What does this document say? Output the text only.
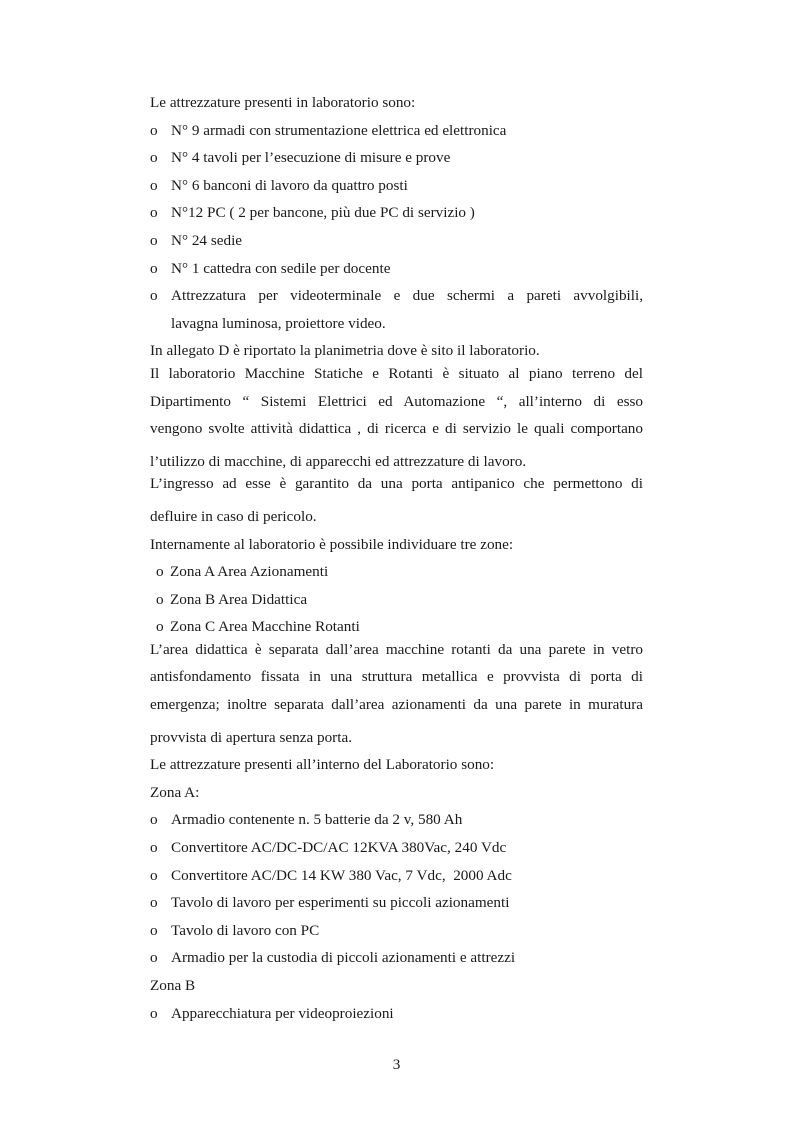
Le attrezzature presenti in laboratorio sono:
o N° 9 armadi con strumentazione elettrica ed elettronica
o N° 4 tavoli per l’esecuzione di misure e prove
o N° 6 banconi di lavoro da quattro posti
o N°12 PC ( 2 per bancone, più due PC di servizio )
o N° 24 sedie
o N° 1 cattedra con sedile per docente
o Attrezzatura per videoterminale e due schermi a pareti avvolgibili,
lavagna luminosa, proiettore video.
In allegato D è riportato la planimetria dove è sito il laboratorio.
Il laboratorio Macchine Statiche e Rotanti è situato al piano terreno del
Dipartimento “ Sistemi Elettrici ed Automazione “, all’interno di esso
vengono svolte attività didattica , di ricerca e di servizio le quali comportano
l’utilizzo di macchine, di apparecchi ed attrezzature di lavoro.
L’ingresso ad esse è garantito da una porta antipanico che permettono di
defluire in caso di pericolo.
Internamente al laboratorio è possibile individuare tre zone:
o Zona A Area Azionamenti
o Zona B Area Didattica
o Zona C Area Macchine Rotanti
L’area didattica è separata dall’area macchine rotanti da una parete in vetro
antisfondamento fissata in una struttura metallica e provvista di porta di
emergenza; inoltre separata dall’area azionamenti da una parete in muratura
provvista di apertura senza porta.
Le attrezzature presenti all’interno del Laboratorio sono:
Zona A:
o Armadio contenente n. 5 batterie da 2 v, 580 Ah
o Convertitore AC/DC-DC/AC 12KVA 380Vac, 240 Vdc
o Convertitore AC/DC 14 KW 380 Vac, 7 Vdc,  2000 Adc
o Tavolo di lavoro per esperimenti su piccoli azionamenti
o Tavolo di lavoro con PC
o Armadio per la custodia di piccoli azionamenti e attrezzi
Zona B
o Apparecchiatura per videoproiezioni
3
